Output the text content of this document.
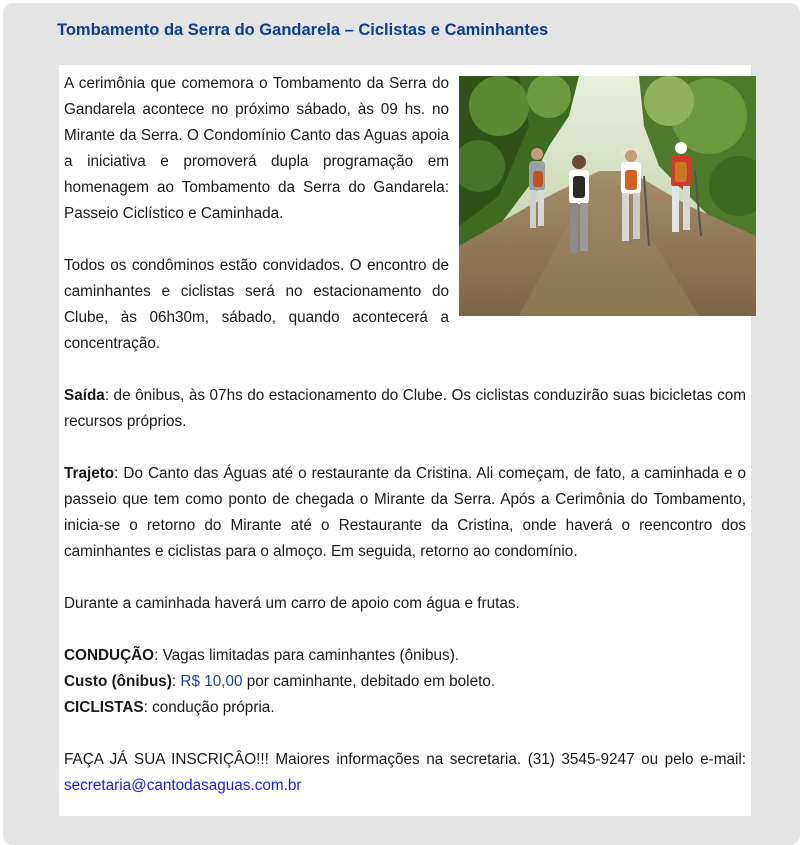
Tombamento da Serra do Gandarela – Ciclistas e Caminhantes

A cerimônia que comemora o Tombamento da Serra do Gandarela acontece no próximo sábado, às 09 hs. no Mirante da Serra. O Condomínio Canto das Aguas apoia a iniciativa e promoverá dupla programação em homenagem ao Tombamento da Serra do Gandarela: Passeio Ciclístico e Caminhada.

Todos os condôminos estão convidados. O encontro de caminhantes e ciclistas será no estacionamento do Clube, às 06h30m, sábado, quando acontecerá a concentração.

Saída: de ônibus, às 07hs do estacionamento do Clube. Os ciclistas conduzirão suas bicicletas com recursos próprios.

Trajeto: Do Canto das Águas até o restaurante da Cristina. Ali começam, de fato, a caminhada e o passeio que tem como ponto de chegada o Mirante da Serra. Após a Cerimônia do Tombamento, inicia-se o retorno do Mirante até o Restaurante da Cristina, onde haverá o reencontro dos caminhantes e ciclistas para o almoço. Em seguida, retorno ao condomínio.

Durante a caminhada haverá um carro de apoio com água e frutas.

CONDUÇÃO: Vagas limitadas para caminhantes (ônibus).
Custo (ônibus): R$ 10,00 por caminhante, debitado em boleto.
CICLISTAS: condução própria.

FAÇA JÁ SUA INSCRIÇÂO!!! Maiores informações na secretaria. (31) 3545-9247 ou pelo e-mail: secretaria@cantodasaguas.com.br
